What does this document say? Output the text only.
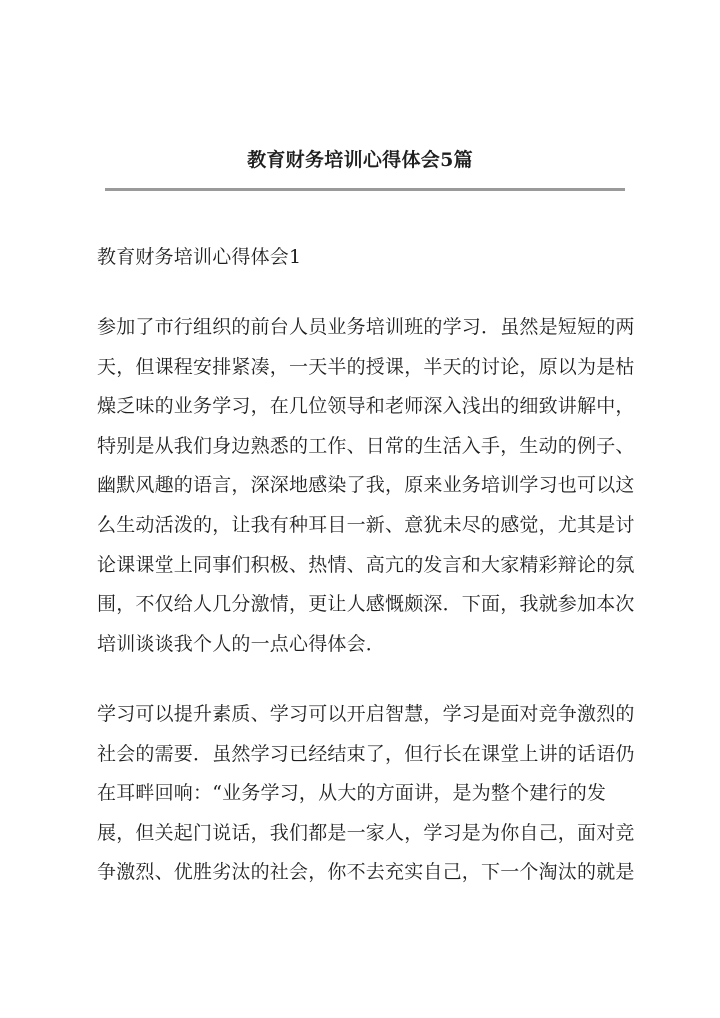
教育财务培训心得体会5篇
教育财务培训心得体会1
参加了市行组织的前台人员业务培训班的学习．虽然是短短的两
天，但课程安排紧凑，一天半的授课，半天的讨论，原以为是枯
燥乏味的业务学习，在几位领导和老师深入浅出的细致讲解中，
特别是从我们身边熟悉的工作、日常的生活入手，生动的例子、
幽默风趣的语言，深深地感染了我，原来业务培训学习也可以这
么生动活泼的，让我有种耳目一新、意犹未尽的感觉，尤其是讨
论课课堂上同事们积极、热情、高亢的发言和大家精彩辩论的氛
围，不仅给人几分激情，更让人感慨颇深．下面，我就参加本次
培训谈谈我个人的一点心得体会．
学习可以提升素质、学习可以开启智慧，学习是面对竞争激烈的
社会的需要．虽然学习已经结束了，但行长在课堂上讲的话语仍
在耳畔回响：“业务学习，从大的方面讲，是为整个建行的发
展，但关起门说话，我们都是一家人，学习是为你自己，面对竞
争激烈、优胜劣汰的社会，你不去充实自己，下一个淘汰的就是
